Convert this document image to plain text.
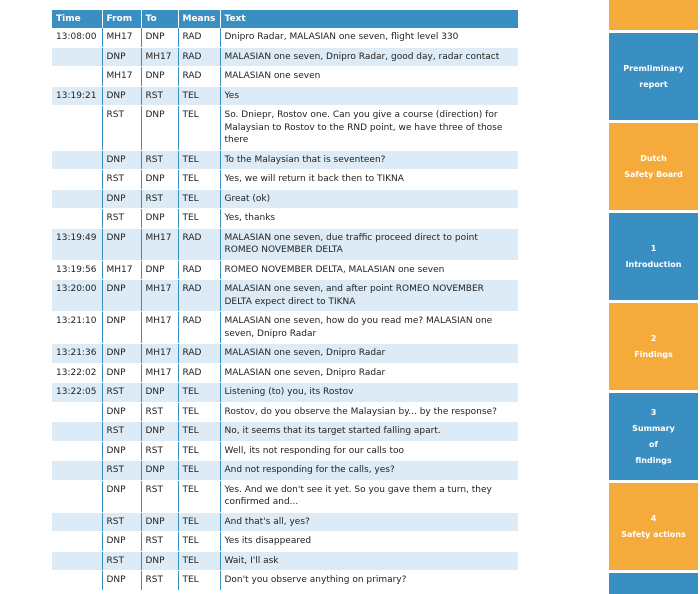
Time	From	To	Means	Text
13:08:00	MH17	DNP	RAD	Dnipro Radar, MALASIAN one seven, flight level 330
	DNP	MH17	RAD	MALASIAN one seven, Dnipro Radar, good day, radar contact
	MH17	DNP	RAD	MALASIAN one seven
13:19:21	DNP	RST	TEL	Yes
	RST	DNP	TEL	So. Dniepr, Rostov one. Can you give a course (direction) for Malaysian to Rostov to the RND point, we have three of those there
	DNP	RST	TEL	To the Malaysian that is seventeen?
	RST	DNP	TEL	Yes, we will return it back then to TIKNA
	DNP	RST	TEL	Great (ok)
	RST	DNP	TEL	Yes, thanks
13:19:49	DNP	MH17	RAD	MALASIAN one seven, due traffic proceed direct to point ROMEO NOVEMBER DELTA
13:19:56	MH17	DNP	RAD	ROMEO NOVEMBER DELTA, MALASIAN one seven
13:20:00	DNP	MH17	RAD	MALASIAN one seven, and after point ROMEO NOVEMBER DELTA expect direct to TIKNA
13:21:10	DNP	MH17	RAD	MALASIAN one seven, how do you read me? MALASIAN one seven, Dnipro Radar
13:21:36	DNP	MH17	RAD	MALASIAN one seven, Dnipro Radar
13:22:02	DNP	MH17	RAD	MALASIAN one seven, Dnipro Radar
13:22:05	RST	DNP	TEL	Listening (to) you, its Rostov
	DNP	RST	TEL	Rostov, do you observe the Malaysian by... by the response?
	RST	DNP	TEL	No, it seems that its target started falling apart.
	DNP	RST	TEL	Well, its not responding for our calls too
	RST	DNP	TEL	And not responding for the calls, yes?
	DNP	RST	TEL	Yes. And we don't see it yet. So you gave them a turn, they confirmed and...
	RST	DNP	TEL	And that's all, yes?
	DNP	RST	TEL	Yes its disappeared
	RST	DNP	TEL	Wait, I'll ask
	DNP	RST	TEL	Don't you observe anything on primary?
Premliminary
report
Dutch
Safety Board
1
Introduction
2
Findings
3
Summary
of
findings
4
Safety actions
